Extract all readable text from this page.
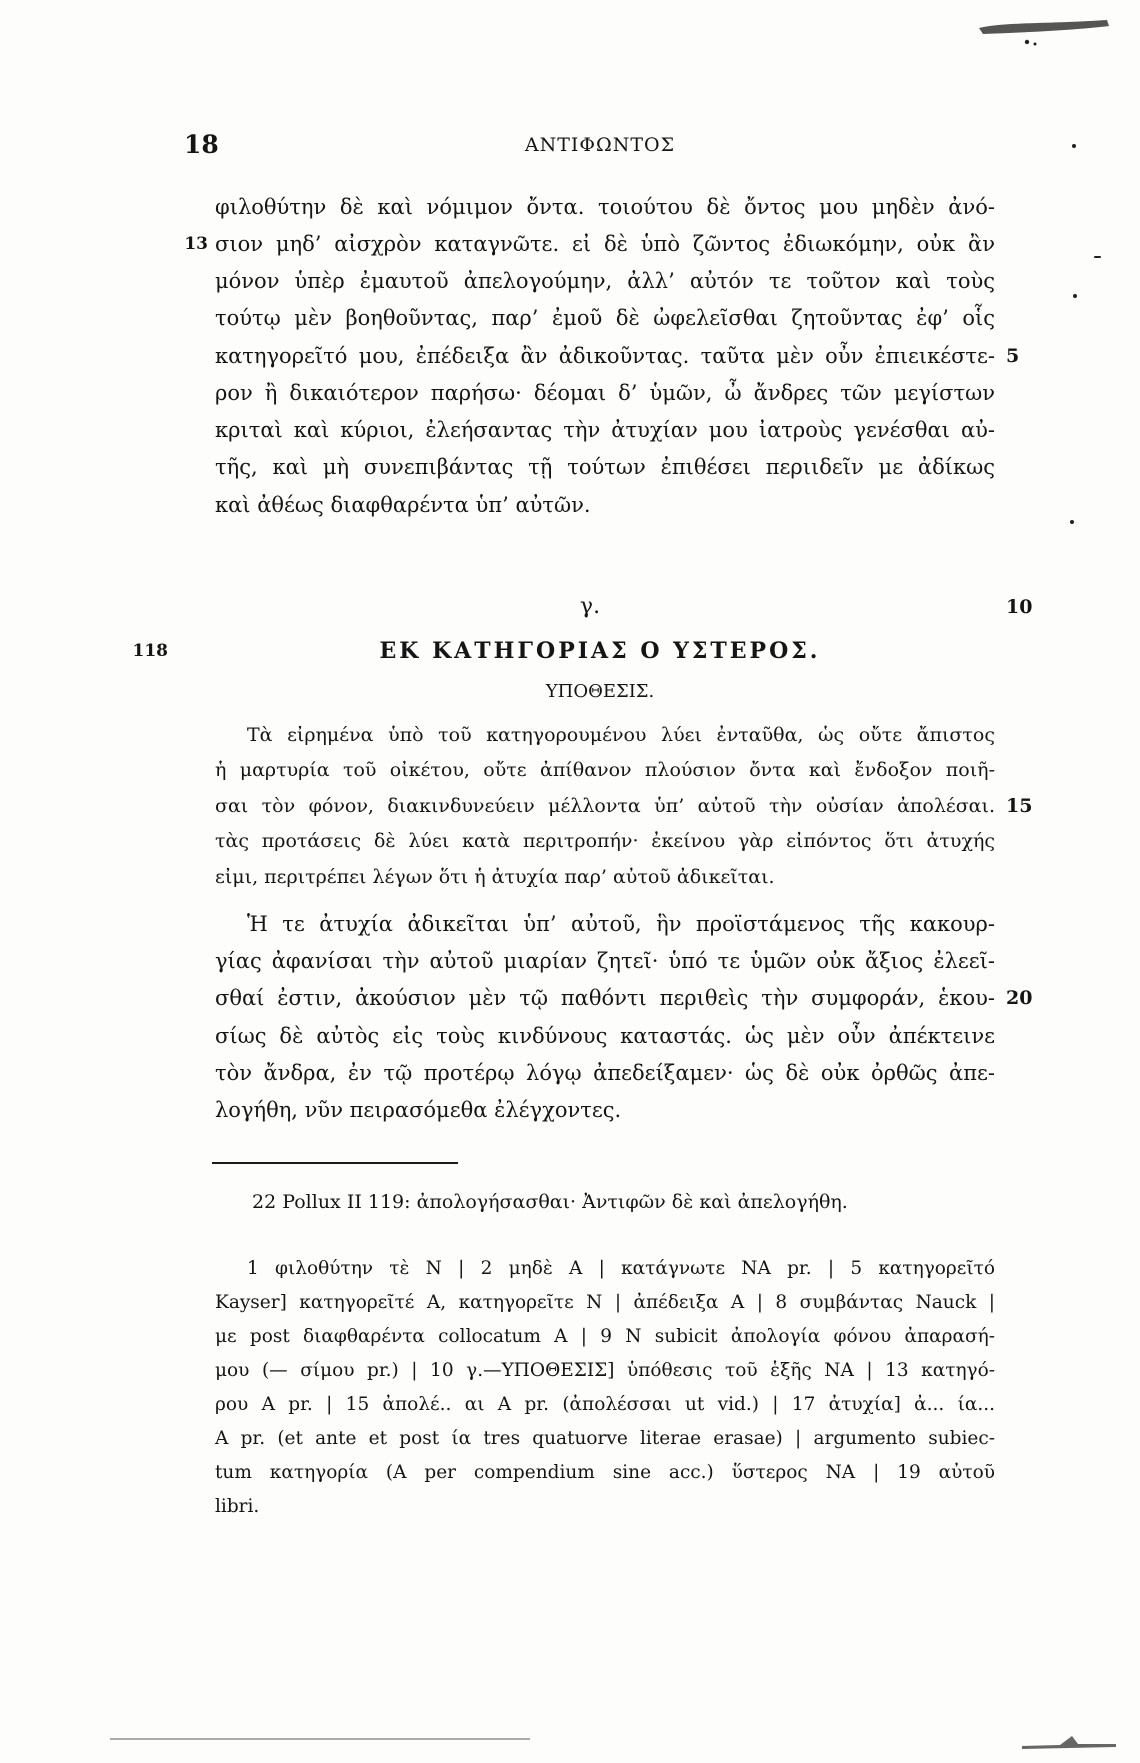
18	ΑΝΤΙΦΩΝΤΟΣ
φιλοθύτην δὲ καὶ νόμιμον ὄντα. τοιούτου δὲ ὄντος μου μηδὲν ἀνό-
13 σιον μηδ’ αἰσχρὸν καταγνῶτε. εἰ δὲ ὑπὸ ζῶντος ἐδιωκόμην, οὐκ ἂν
μόνον ὑπὲρ ἐμαυτοῦ ἀπελογούμην, ἀλλ’ αὐτόν τε τοῦτον καὶ τοὺς
τούτῳ μὲν βοηθοῦντας, παρ’ ἐμοῦ δὲ ὠφελεῖσθαι ζητοῦντας ἐφ’ οἷς
κατηγορεῖτό μου, ἐπέδειξα ἂν ἀδικοῦντας. ταῦτα μὲν οὖν ἐπιεικέστε- 5
ρον ἢ δικαιότερον παρήσω· δέομαι δ’ ὑμῶν, ὦ ἄνδρες τῶν μεγίστων
κριταὶ καὶ κύριοι, ἐλεήσαντας τὴν ἀτυχίαν μου ἰατροὺς γενέσθαι αὐ-
τῆς, καὶ μὴ συνεπιβάντας τῇ τούτων ἐπιθέσει περιιδεῖν με ἀδίκως
καὶ ἀθέως διαφθαρέντα ὑπ’ αὐτῶν.
γ.	10
118	ΕΚ ΚΑΤΗΓΟΡΙΑΣ Ο ΥΣΤΕΡΟΣ.
ΥΠΟΘΕΣΙΣ.
Τὰ εἰρημένα ὑπὸ τοῦ κατηγορουμένου λύει ἐνταῦθα, ὡς οὔτε ἄπιστος
ἡ μαρτυρία τοῦ οἰκέτου, οὔτε ἀπίθανον πλούσιον ὄντα καὶ ἔνδοξον ποιῆ-
σαι τὸν φόνον, διακινδυνεύειν μέλλοντα ὑπ’ αὐτοῦ τὴν οὐσίαν ἀπολέσαι. 15
τὰς προτάσεις δὲ λύει κατὰ περιτροπήν· ἐκείνου γὰρ εἰπόντος ὅτι ἀτυχής
εἰμι, περιτρέπει λέγων ὅτι ἡ ἀτυχία παρ’ αὐτοῦ ἀδικεῖται.
Ἡ τε ἀτυχία ἀδικεῖται ὑπ’ αὐτοῦ, ἣν προϊστάμενος τῆς κακουρ-
γίας ἀφανίσαι τὴν αὐτοῦ μιαρίαν ζητεῖ· ὑπό τε ὑμῶν οὐκ ἄξιος ἐλεεῖ-
σθαί ἐστιν, ἀκούσιον μὲν τῷ παθόντι περιθεὶς τὴν συμφοράν, ἑκου- 20
σίως δὲ αὐτὸς εἰς τοὺς κινδύνους καταστάς. ὡς μὲν οὖν ἀπέκτεινε
τὸν ἄνδρα, ἐν τῷ προτέρῳ λόγῳ ἀπεδείξαμεν· ὡς δὲ οὐκ ὀρθῶς ἀπε-
λογήθη, νῦν πειρασόμεθα ἐλέγχοντες.
22 Pollux II 119: ἀπολογήσασθαι· Ἀντιφῶν δὲ καὶ ἀπελογήθη.
1 φιλοθύτην τὲ N | 2 μηδὲ A | κατάγνωτε NA pr. | 5 κατηγορεῖτό
Kayser] κατηγορεῖτέ A, κατηγορεῖτε N | ἀπέδειξα A | 8 συμβάντας Nauck |
με post διαφθαρέντα collocatum A | 9 N subicit ἀπολογία φόνου ἀπαρασή-
μου (— σίμου pr.) | 10 γ.—ΥΠΟΘΕΣΙΣ] ὑπόθεσις τοῦ ἑξῆς NA | 13 κατηγό-
ρου A pr. | 15 ἀπολέ.. αι A pr. (ἀπολέσσαι ut vid.) | 17 ἀτυχία] ἀ... ία...
A pr. (et ante et post ία tres quatuorve literae erasae) | argumento subiec-
tum κατηγορία (A per compendium sine acc.) ὕστερος NA | 19 αὐτοῦ
libri.
